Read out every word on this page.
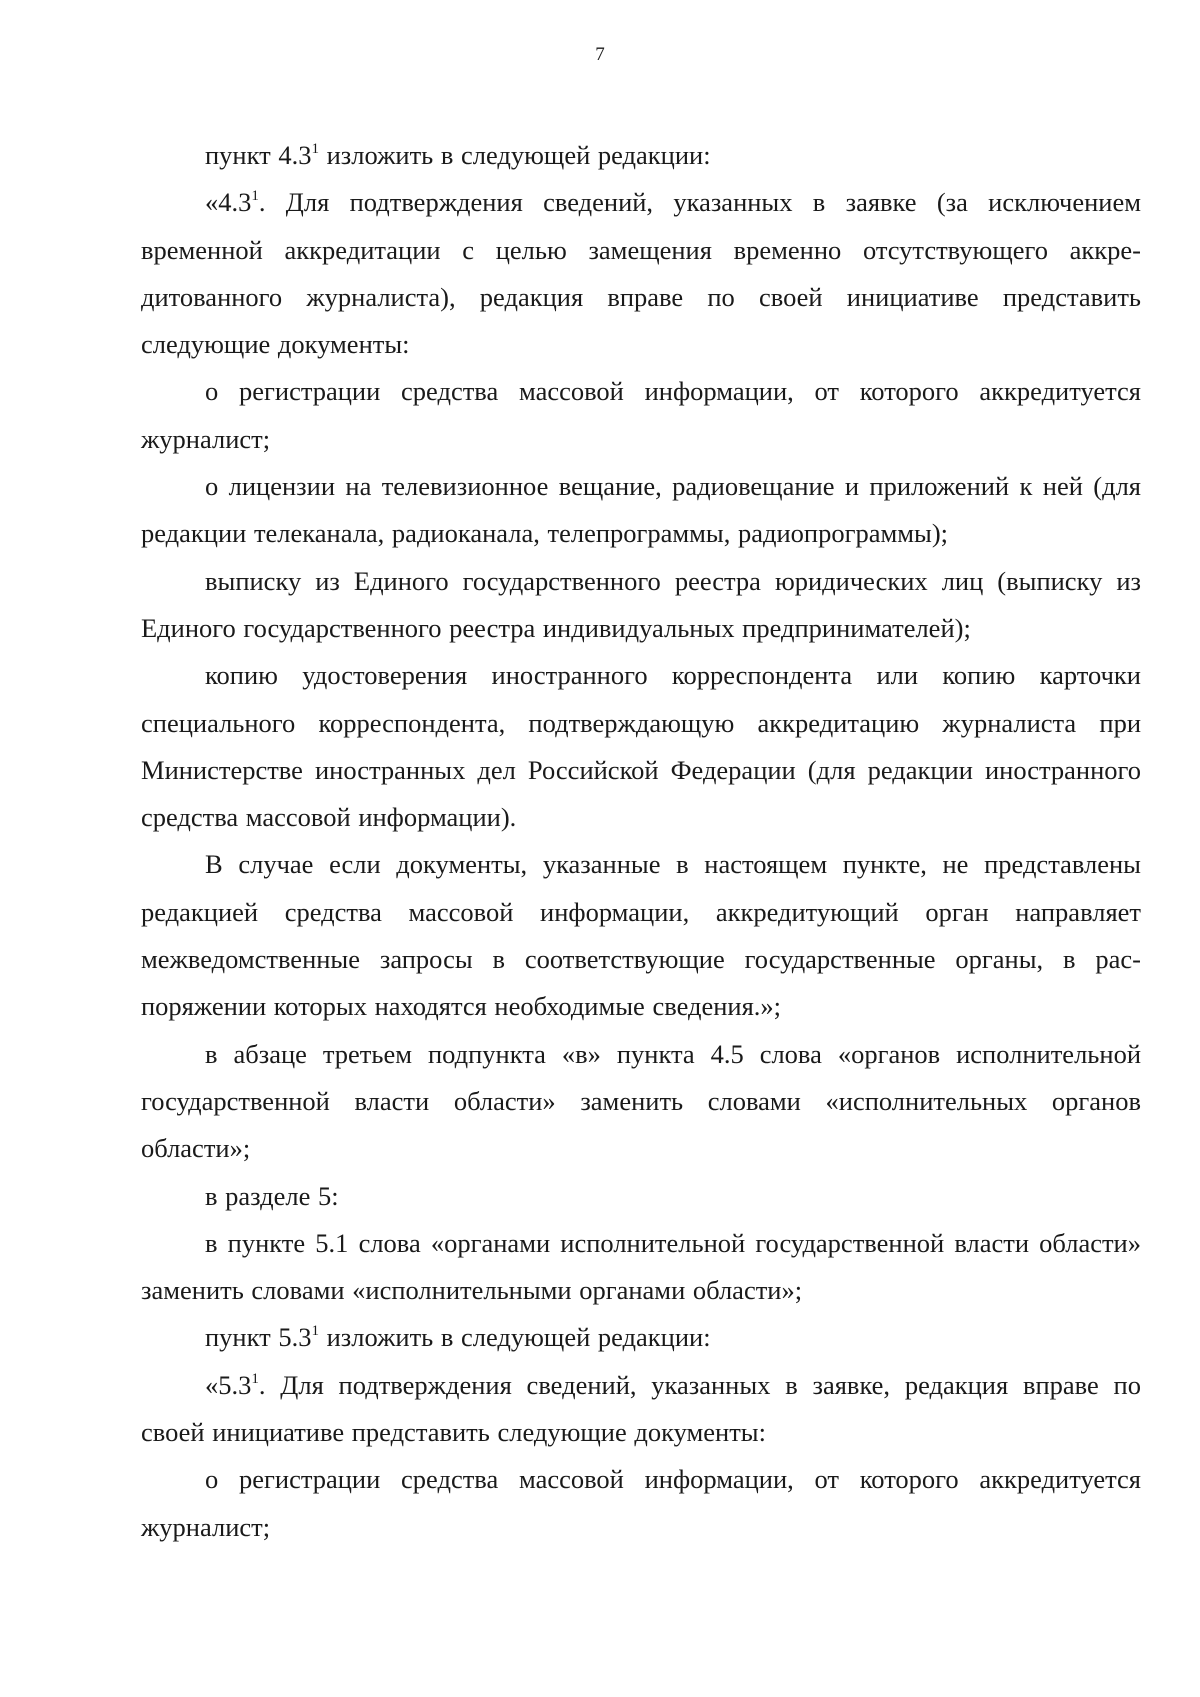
7

пункт $4.3^1$ изложить в следующей редакции:

«$4.3^1$. Для подтверждения сведений, указанных в заявке (за исключением временной аккредитации с целью замещения временно отсутствующего аккредитованного журналиста), редакция вправе по своей инициативе представить следующие документы:

о регистрации средства массовой информации, от которого аккредитуется журналист;

о лицензии на телевизионное вещание, радиовещание и приложений к ней (для редакции телеканала, радиоканала, телепрограммы, радиопрограммы);

выписку из Единого государственного реестра юридических лиц (выписку из Единого государственного реестра индивидуальных предпринимателей);

копию удостоверения иностранного корреспондента или копию карточки специального корреспондента, подтверждающую аккредитацию журналиста при Министерстве иностранных дел Российской Федерации (для редакции иностранного средства массовой информации).

В случае если документы, указанные в настоящем пункте, не представлены редакцией средства массовой информации, аккредитующий орган направляет межведомственные запросы в соответствующие государственные органы, в распоряжении которых находятся необходимые сведения.»;

в абзаце третьем подпункта «в» пункта 4.5 слова «органов исполнительной государственной власти области» заменить словами «исполнительных органов области»;

в разделе 5:

в пункте 5.1 слова «органами исполнительной государственной власти области» заменить словами «исполнительными органами области»;

пункт $5.3^1$ изложить в следующей редакции:

«$5.3^1$. Для подтверждения сведений, указанных в заявке, редакция вправе по своей инициативе представить следующие документы:

о регистрации средства массовой информации, от которого аккредитуется журналист;
